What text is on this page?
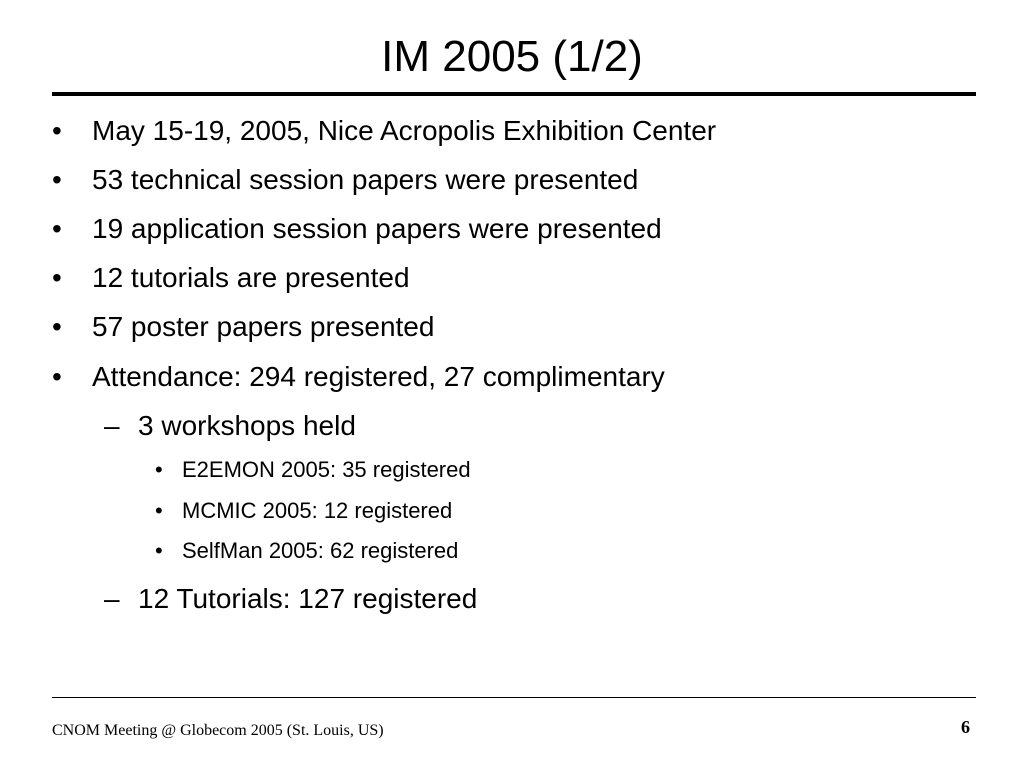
IM 2005 (1/2)
• May 15-19, 2005, Nice Acropolis Exhibition Center
• 53 technical session papers were presented
• 19 application session papers were presented
• 12 tutorials are presented
• 57 poster papers presented
• Attendance: 294 registered, 27 complimentary
– 3 workshops held
• E2EMON 2005: 35 registered
• MCMIC 2005: 12 registered
• SelfMan 2005: 62 registered
– 12 Tutorials: 127 registered
CNOM Meeting @ Globecom 2005 (St. Louis, US)	6
